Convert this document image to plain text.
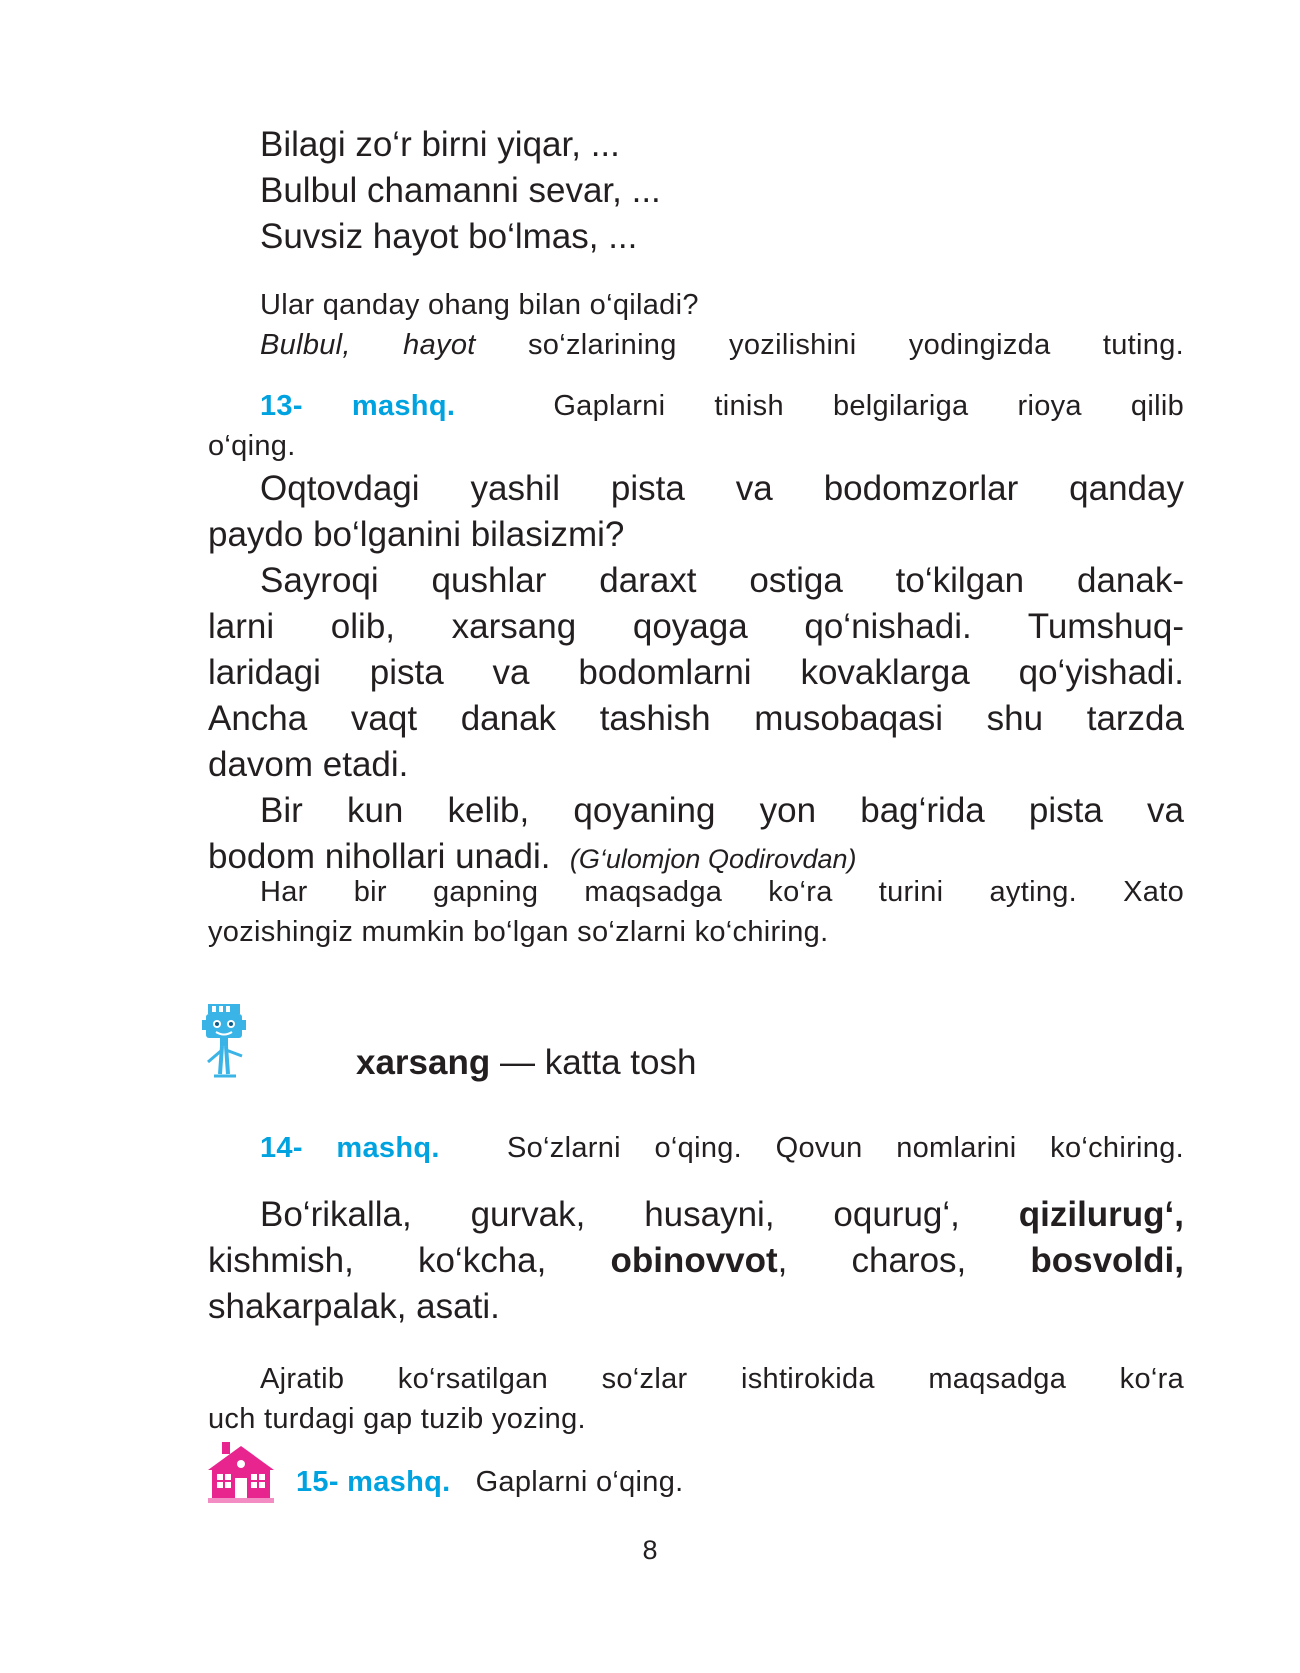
Bilagi zo‘r birni yiqar, ...
Bulbul chamanni sevar, ...
Suvsiz hayot bo‘lmas, ...
Ular qanday ohang bilan o‘qiladi?
Bulbul, hayot so‘zlarining yozilishini yodingizda tuting.
13- mashq.	Gaplarni tinish belgilariga rioya qilib
o‘qing.
Oqtovdagi yashil pista va bodomzorlar qanday
paydo bo‘lganini bilasizmi?
Sayroqi qushlar daraxt ostiga to‘kilgan danak-
larni olib, xarsang qoyaga qo‘nishadi. Tumshuq-
laridagi pista va bodomlarni kovaklarga qo‘yishadi.
Ancha vaqt danak tashish musobaqasi shu tarzda
davom etadi.
Bir kun kelib, qoyaning yon bag‘rida pista va
bodom nihollari unadi. (G‘ulomjon Qodirovdan)
Har bir gapning maqsadga ko‘ra turini ayting. Xato
yozishingiz mumkin bo‘lgan so‘zlarni ko‘chiring.
xarsang — katta tosh
14- mashq. So‘zlarni o‘qing. Qovun nomlarini ko‘chiring.
Bo‘rikalla, gurvak, husayni, oqurug‘, qizilurug‘,
kishmish, ko‘kcha, obinovvot, charos, bosvoldi,
shakarpalak, asati.
Ajratib ko‘rsatilgan so‘zlar ishtirokida maqsadga ko‘ra
uch turdagi gap tuzib yozing.
15- mashq. Gaplarni o‘qing.
8
